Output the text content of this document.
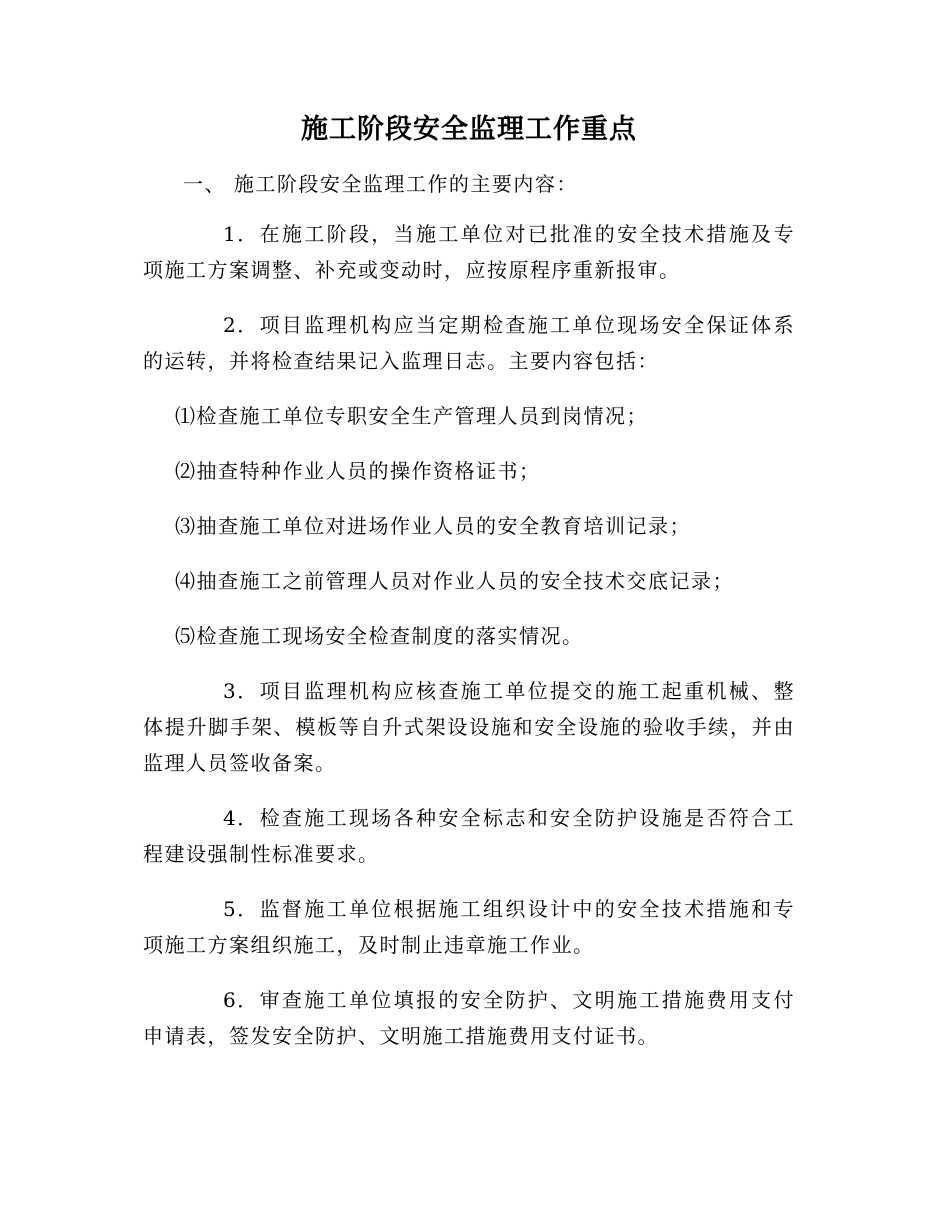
施工阶段安全监理工作重点

一、 施工阶段安全监理工作的主要内容：

1．在施工阶段，当施工单位对已批准的安全技术措施及专项施工方案调整、补充或变动时，应按原程序重新报审。

2．项目监理机构应当定期检查施工单位现场安全保证体系的运转，并将检查结果记入监理日志。主要内容包括：

⑴检查施工单位专职安全生产管理人员到岗情况；

⑵抽查特种作业人员的操作资格证书；

⑶抽查施工单位对进场作业人员的安全教育培训记录；

⑷抽查施工之前管理人员对作业人员的安全技术交底记录；

⑸检查施工现场安全检查制度的落实情况。

3．项目监理机构应核查施工单位提交的施工起重机械、整体提升脚手架、模板等自升式架设设施和安全设施的验收手续，并由监理人员签收备案。

4．检查施工现场各种安全标志和安全防护设施是否符合工程建设强制性标准要求。

5．监督施工单位根据施工组织设计中的安全技术措施和专项施工方案组织施工，及时制止违章施工作业。

6．审查施工单位填报的安全防护、文明施工措施费用支付申请表，签发安全防护、文明施工措施费用支付证书。
